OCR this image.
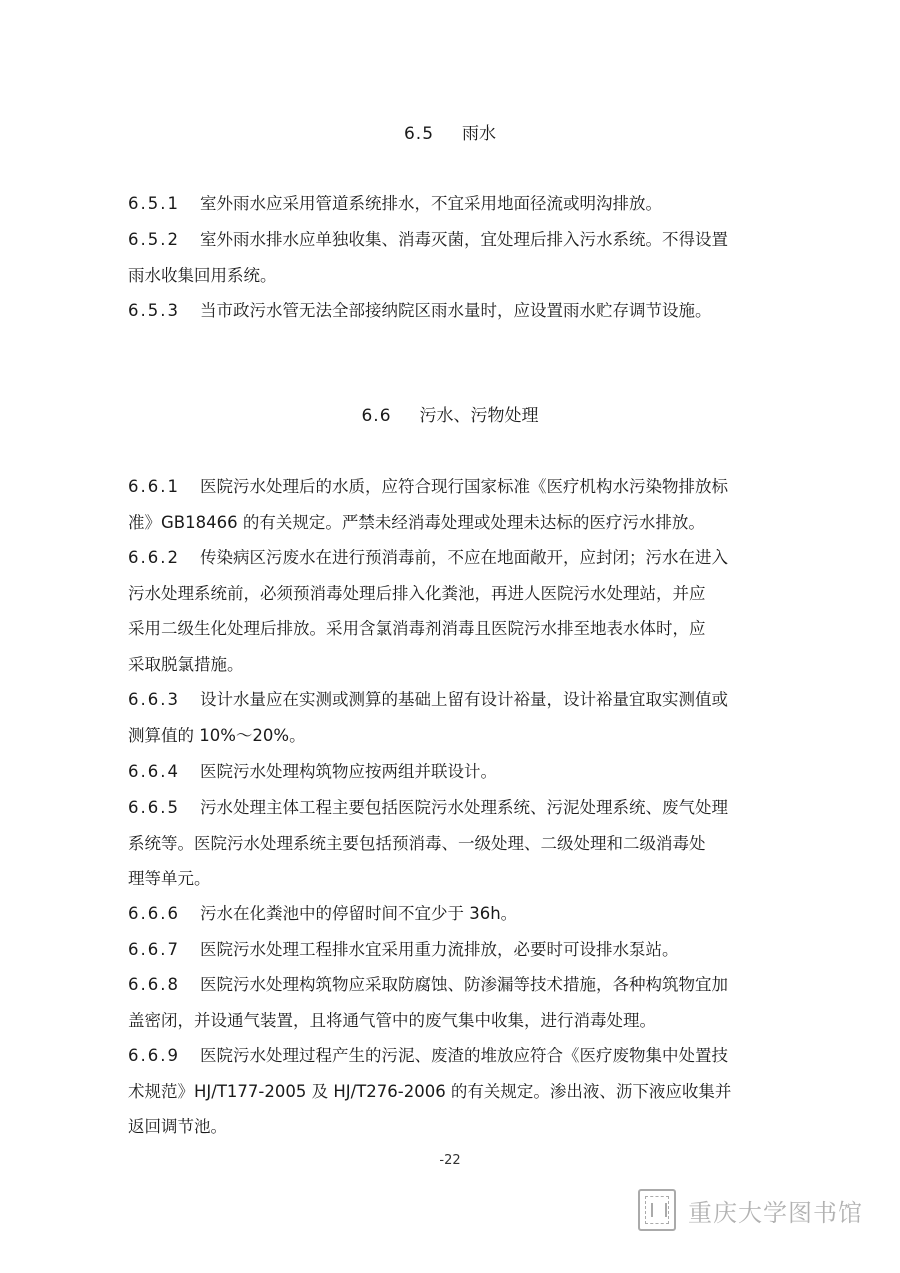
6.5 雨水
6.5.1 室外雨水应采用管道系统排水，不宜采用地面径流或明沟排放。
6.5.2 室外雨水排水应单独收集、消毒灭菌，宜处理后排入污水系统。不得设置
雨水收集回用系统。
6.5.3 当市政污水管无法全部接纳院区雨水量时，应设置雨水贮存调节设施。
6.6 污水、污物处理
6.6.1 医院污水处理后的水质，应符合现行国家标准《医疗机构水污染物排放标
准》GB18466 的有关规定。严禁未经消毒处理或处理未达标的医疗污水排放。
6.6.2 传染病区污废水在进行预消毒前，不应在地面敞开，应封闭；污水在进入
污水处理系统前，必须预消毒处理后排入化粪池，再进人医院污水处理站，并应
采用二级生化处理后排放。采用含氯消毒剂消毒且医院污水排至地表水体时，应
采取脱氯措施。
6.6.3 设计水量应在实测或测算的基础上留有设计裕量，设计裕量宜取实测值或
测算值的 10%～20%。
6.6.4 医院污水处理构筑物应按两组并联设计。
6.6.5 污水处理主体工程主要包括医院污水处理系统、污泥处理系统、废气处理
系统等。医院污水处理系统主要包括预消毒、一级处理、二级处理和二级消毒处
理等单元。
6.6.6 污水在化粪池中的停留时间不宜少于 36h。
6.6.7 医院污水处理工程排水宜采用重力流排放，必要时可设排水泵站。
6.6.8 医院污水处理构筑物应采取防腐蚀、防渗漏等技术措施，各种构筑物宜加
盖密闭，并设通气装置，且将通气管中的废气集中收集，进行消毒处理。
6.6.9 医院污水处理过程产生的污泥、废渣的堆放应符合《医疗废物集中处置技
术规范》HJ/T177-2005 及 HJ/T276-2006 的有关规定。渗出液、沥下液应收集并
返回调节池。
-22
重庆大学图书馆
